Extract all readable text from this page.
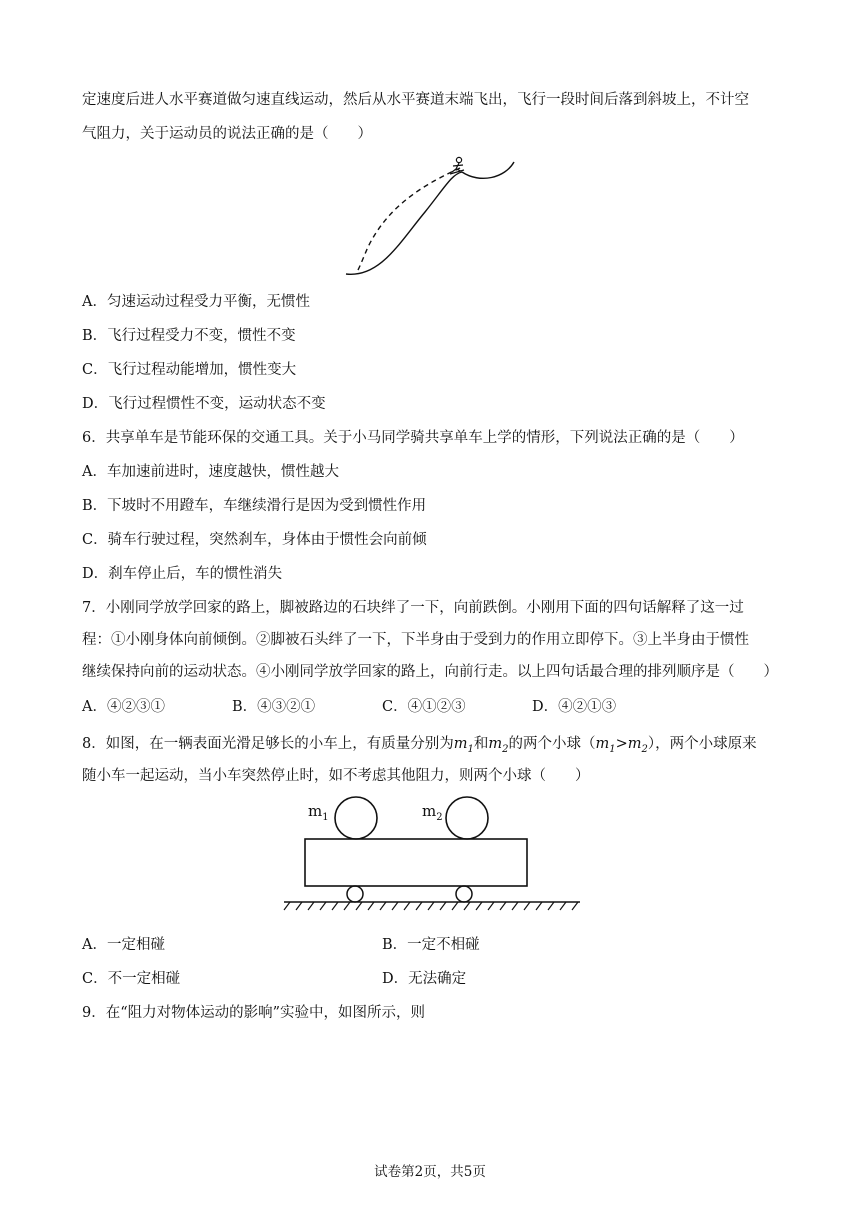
定速度后进人水平赛道做匀速直线运动，然后从水平赛道末端飞出，飞行一段时间后落到斜坡上，不计空
气阻力，关于运动员的说法正确的是（　　）
A．匀速运动过程受力平衡，无惯性
B．飞行过程受力不变，惯性不变
C．飞行过程动能增加，惯性变大
D．飞行过程惯性不变，运动状态不变
6．共享单车是节能环保的交通工具。关于小马同学骑共享单车上学的情形，下列说法正确的是（　　）
A．车加速前进时，速度越快，惯性越大
B．下坡时不用蹬车，车继续滑行是因为受到惯性作用
C．骑车行驶过程，突然刹车，身体由于惯性会向前倾
D．刹车停止后，车的惯性消失
7．小刚同学放学回家的路上，脚被路边的石块绊了一下，向前跌倒。小刚用下面的四句话解释了这一过
程：①小刚身体向前倾倒。②脚被石头绊了一下，下半身由于受到力的作用立即停下。③上半身由于惯性
继续保持向前的运动状态。④小刚同学放学回家的路上，向前行走。以上四句话最合理的排列顺序是（　　）
A．④②③①	B．④③②①	C．④①②③	D．④②①③
8．如图，在一辆表面光滑足够长的小车上，有质量分别为$m_1$和$m_2$的两个小球$(m_1>m_2)$，两个小球原来
随小车一起运动，当小车突然停止时，如不考虑其他阻力，则两个小球（　　）
$m_1$	$m_2$
A．一定相碰	B．一定不相碰
C．不一定相碰	D．无法确定
9．在“阻力对物体运动的影响”实验中，如图所示，则
试卷第2页，共5页
